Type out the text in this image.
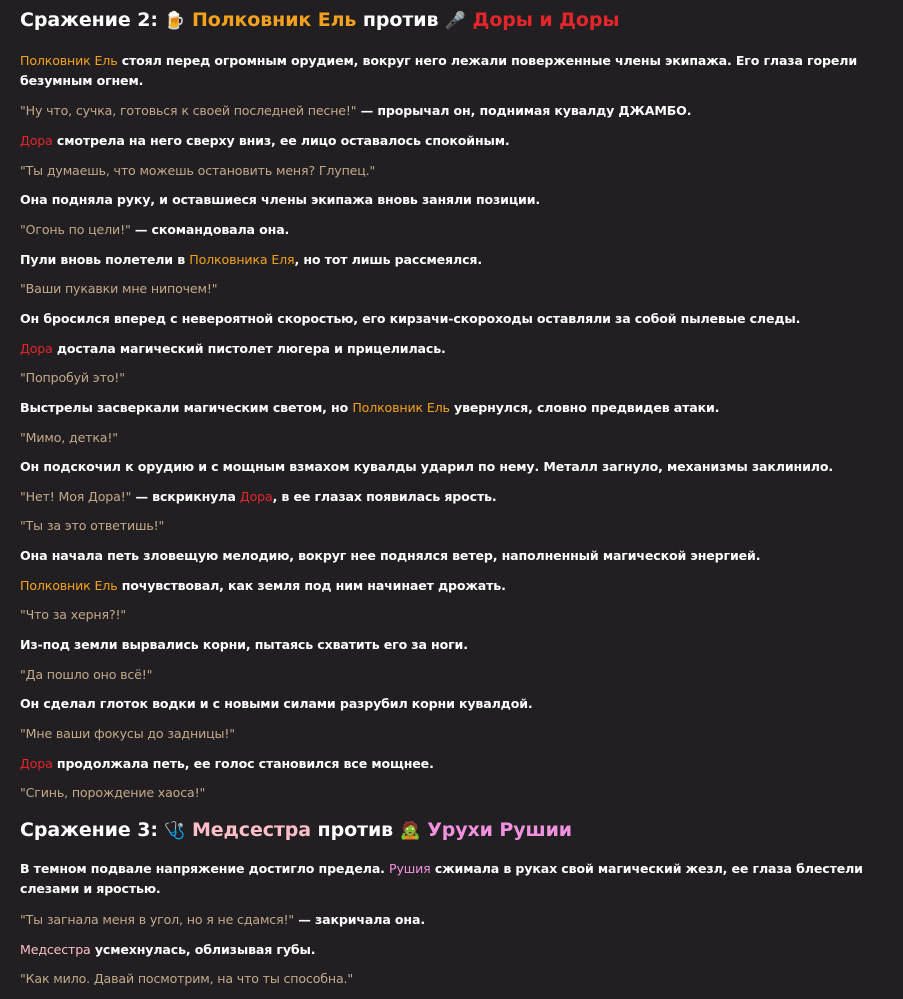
Сражение 2: 🍺 Полковник Ель против 🎤 Доры и Доры

Полковник Ель стоял перед огромным орудием, вокруг него лежали поверженные члены экипажа. Его глаза горели безумным огнем.

"Ну что, сучка, готовься к своей последней песне!" — прорычал он, поднимая кувалду ДЖАМБО.

Дора смотрела на него сверху вниз, ее лицо оставалось спокойным.

"Ты думаешь, что можешь остановить меня? Глупец."

Она подняла руку, и оставшиеся члены экипажа вновь заняли позиции.

"Огонь по цели!" — скомандовала она.

Пули вновь полетели в Полковника Еля, но тот лишь рассмеялся.

"Ваши пукавки мне нипочем!"

Он бросился вперед с невероятной скоростью, его кирзачи-скороходы оставляли за собой пылевые следы.

Дора достала магический пистолет люгера и прицелилась.

"Попробуй это!"

Выстрелы засверкали магическим светом, но Полковник Ель увернулся, словно предвидев атаки.

"Мимо, детка!"

Он подскочил к орудию и с мощным взмахом кувалды ударил по нему. Металл загнуло, механизмы заклинило.

"Нет! Моя Дора!" — вскрикнула Дора, в ее глазах появилась ярость.

"Ты за это ответишь!"

Она начала петь зловещую мелодию, вокруг нее поднялся ветер, наполненный магической энергией.

Полковник Ель почувствовал, как земля под ним начинает дрожать.

"Что за херня?!"

Из-под земли вырвались корни, пытаясь схватить его за ноги.

"Да пошло оно всё!"

Он сделал глоток водки и с новыми силами разрубил корни кувалдой.

"Мне ваши фокусы до задницы!"

Дора продолжала петь, ее голос становился все мощнее.

"Сгинь, порождение хаоса!"

Сражение 3: 🩺 Медсестра против 🧟 Урухи Рушии

В темном подвале напряжение достигло предела. Рушия сжимала в руках свой магический жезл, ее глаза блестели слезами и яростью.

"Ты загнала меня в угол, но я не сдамся!" — закричала она.

Медсестра усмехнулась, облизывая губы.

"Как мило. Давай посмотрим, на что ты способна."
